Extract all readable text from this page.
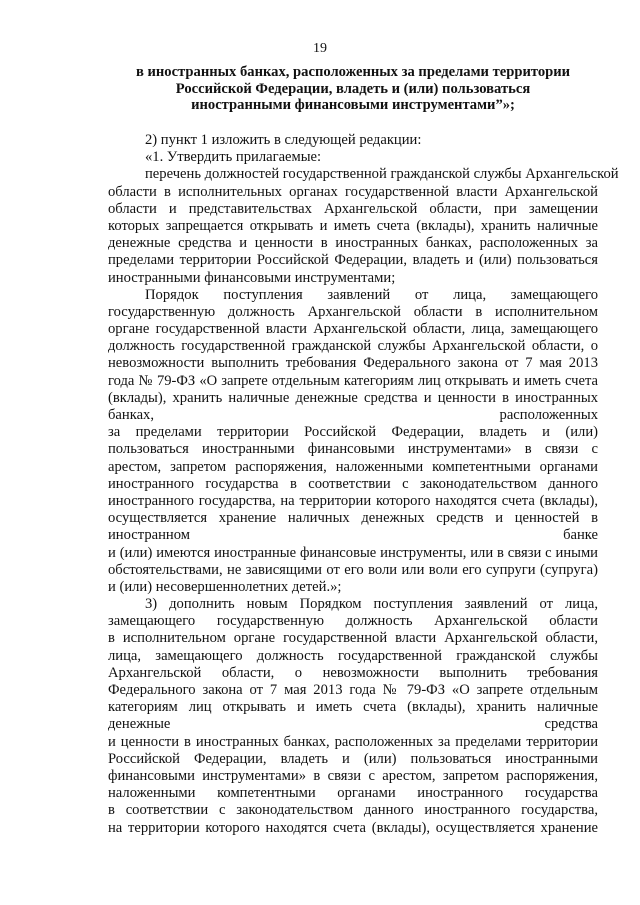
19
в иностранных банках, расположенных за пределами территории
Российской Федерации, владеть и (или) пользоваться
иностранными финансовыми инструментами”»;
2) пункт 1 изложить в следующей редакции:
«1. Утвердить прилагаемые:
перечень должностей государственной гражданской службы Архангельской
области в исполнительных органах государственной власти Архангельской
области и представительствах Архангельской области, при замещении
которых запрещается открывать и иметь счета (вклады), хранить наличные
денежные средства и ценности в иностранных банках, расположенных за
пределами территории Российской Федерации, владеть и (или) пользоваться
иностранными финансовыми инструментами;
Порядок поступления заявлений от лица, замещающего
государственную должность Архангельской области в исполнительном
органе государственной власти Архангельской области, лица, замещающего
должность государственной гражданской службы Архангельской области, о
невозможности выполнить требования Федерального закона от 7 мая 2013
года № 79-ФЗ «О запрете отдельным категориям лиц открывать и иметь счета
(вклады), хранить наличные денежные средства и ценности в иностранных
банках, расположенных
за пределами территории Российской Федерации, владеть и (или)
пользоваться иностранными финансовыми инструментами» в связи с
арестом, запретом распоряжения, наложенными компетентными органами
иностранного государства в соответствии с законодательством данного
иностранного государства, на территории которого находятся счета (вклады),
осуществляется хранение наличных денежных средств и ценностей в
иностранном банке
и (или) имеются иностранные финансовые инструменты, или в связи с иными
обстоятельствами, не зависящими от его воли или воли его супруги (супруга)
и (или) несовершеннолетних детей.»;
3) дополнить новым Порядком поступления заявлений от лица,
замещающего государственную должность Архангельской области
в исполнительном органе государственной власти Архангельской области,
лица, замещающего должность государственной гражданской службы
Архангельской области, о невозможности выполнить требования
Федерального закона от 7 мая 2013 года № 79-ФЗ «О запрете отдельным
категориям лиц открывать и иметь счета (вклады), хранить наличные
денежные средства
и ценности в иностранных банках, расположенных за пределами территории
Российской Федерации, владеть и (или) пользоваться иностранными
финансовыми инструментами» в связи с арестом, запретом распоряжения,
наложенными компетентными органами иностранного государства
в соответствии с законодательством данного иностранного государства,
на территории которого находятся счета (вклады), осуществляется хранение
